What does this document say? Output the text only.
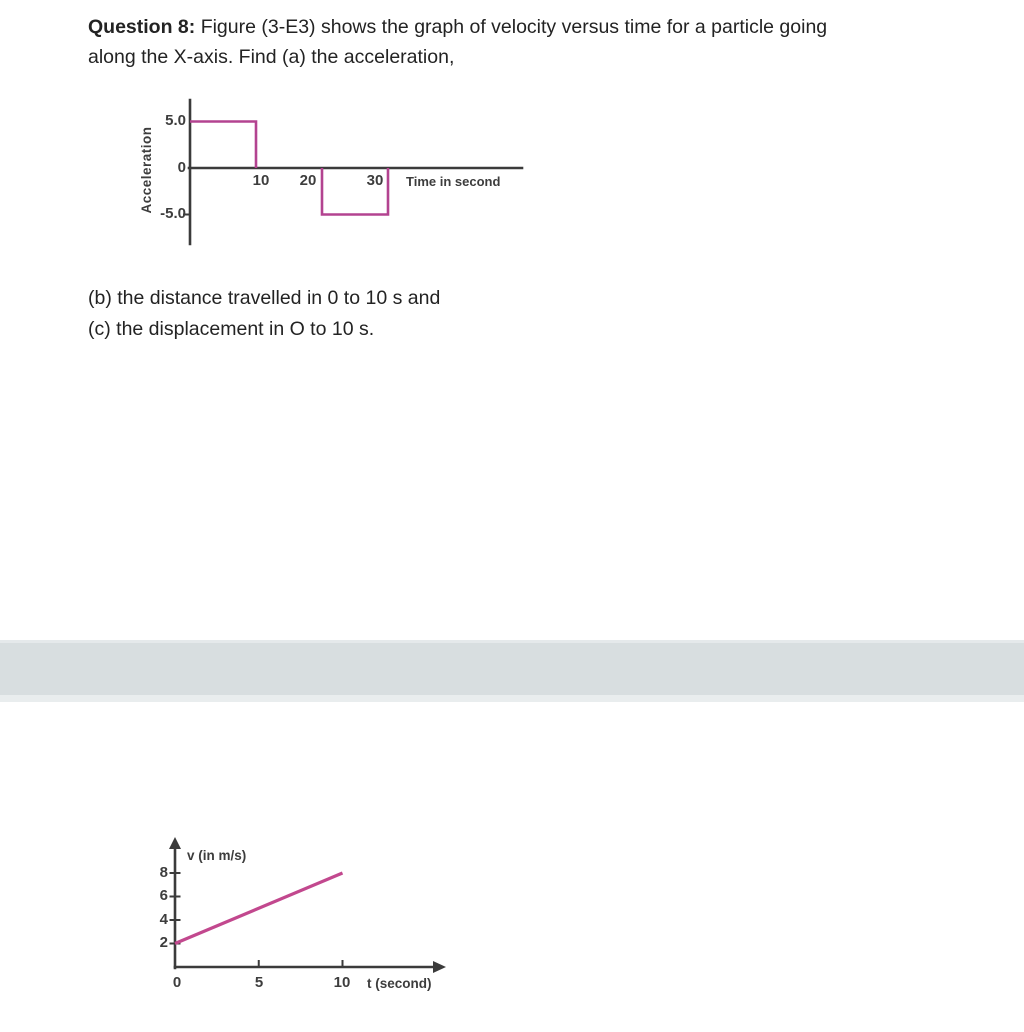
Question 8: Figure (3-E3) shows the graph of velocity versus time for a particle going
along the X-axis. Find (a) the acceleration,
Acceleration
5.0
0
-5.0
10	20	30	Time in second
(b) the distance travelled in 0 to 10 s and
(c) the displacement in O to 10 s.
v (in m/s)
8
6
4
2
0	5	10 t (second)
